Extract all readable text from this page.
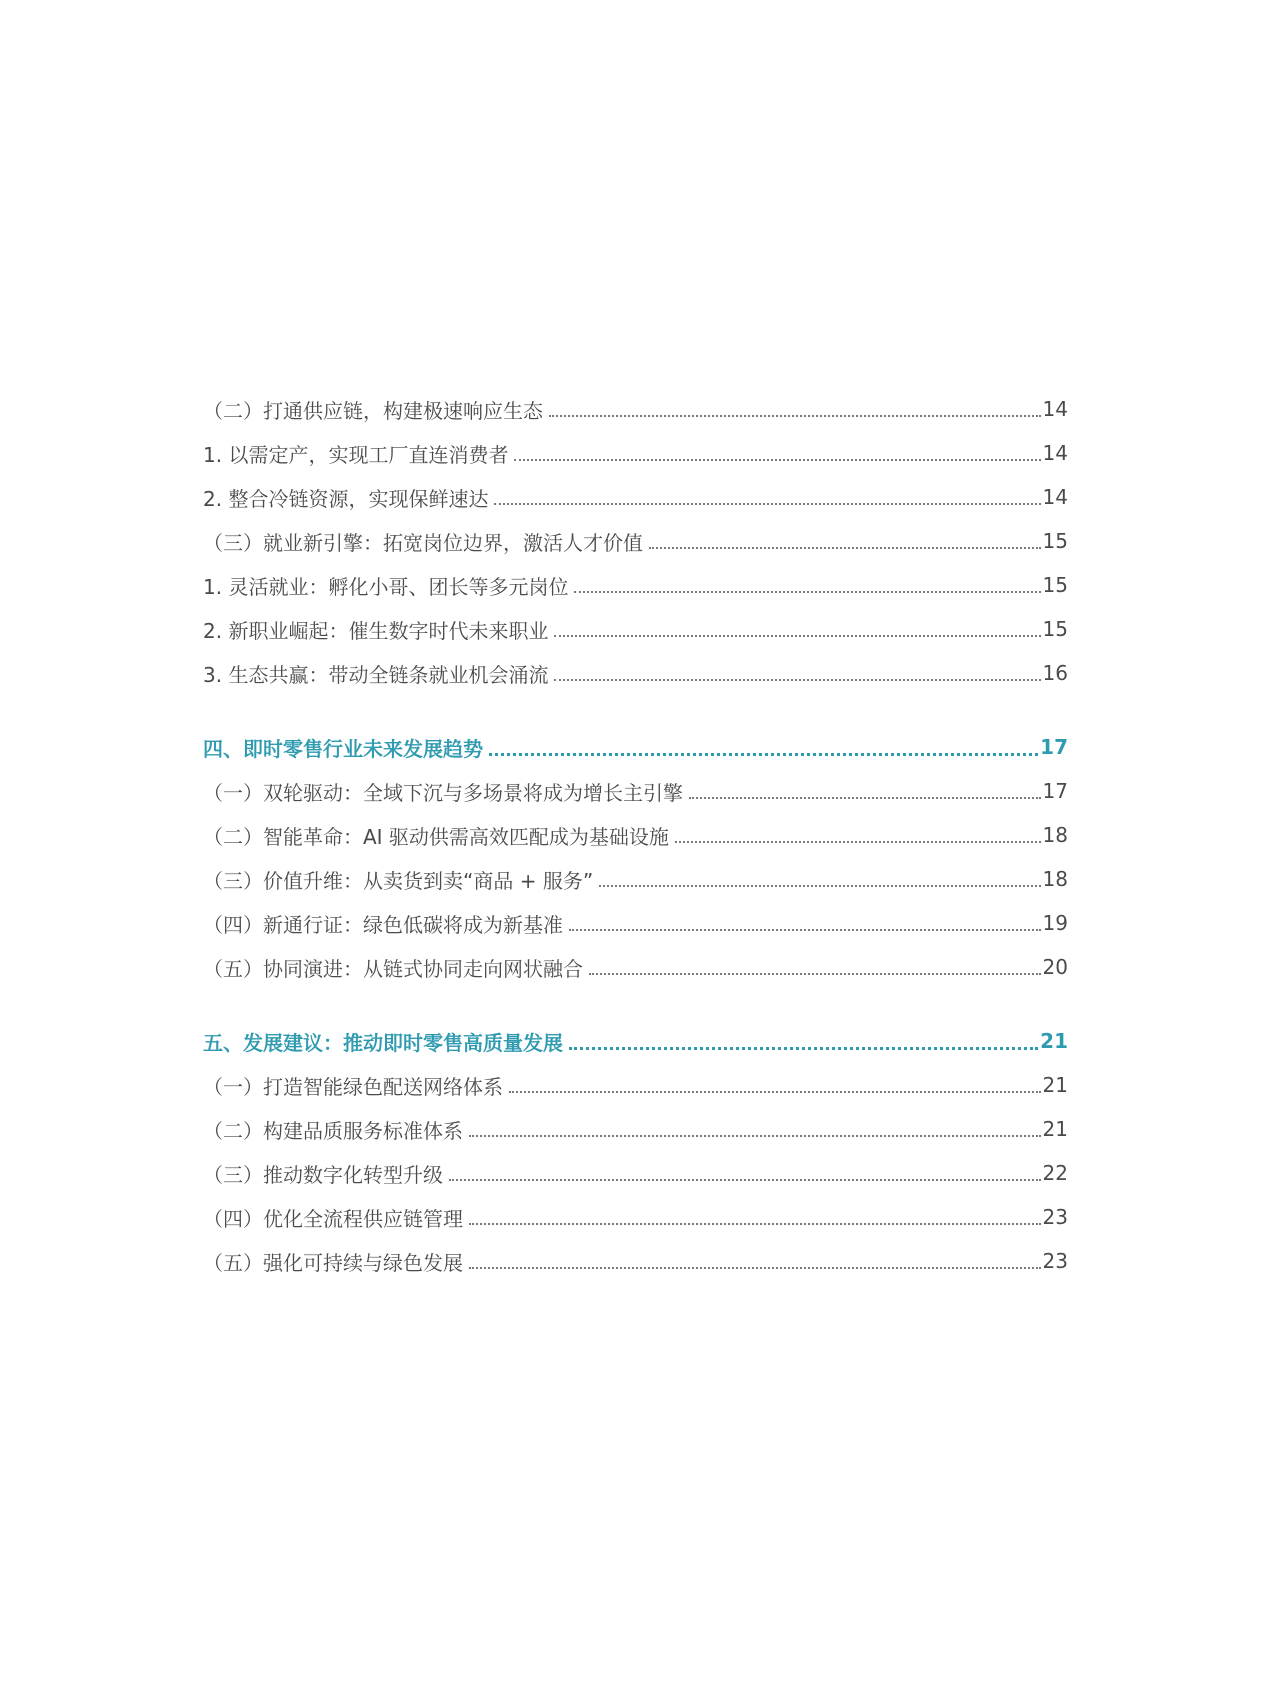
（二）打通供应链，构建极速响应生态	14
1. 以需定产，实现工厂直连消费者	14
2. 整合冷链资源，实现保鲜速达	14
（三）就业新引擎：拓宽岗位边界，激活人才价值	15
1. 灵活就业：孵化小哥、团长等多元岗位	15
2. 新职业崛起：催生数字时代未来职业	15
3. 生态共赢：带动全链条就业机会涌流	16
四、即时零售行业未来发展趋势	17
（一）双轮驱动：全域下沉与多场景将成为增长主引擎	17
（二）智能革命：AI 驱动供需高效匹配成为基础设施	18
（三）价值升维：从卖货到卖“商品 + 服务”	18
（四）新通行证：绿色低碳将成为新基准	19
（五）协同演进：从链式协同走向网状融合	20
五、发展建议：推动即时零售高质量发展	21
（一）打造智能绿色配送网络体系	21
（二）构建品质服务标准体系	21
（三）推动数字化转型升级	22
（四）优化全流程供应链管理	23
（五）强化可持续与绿色发展	23
